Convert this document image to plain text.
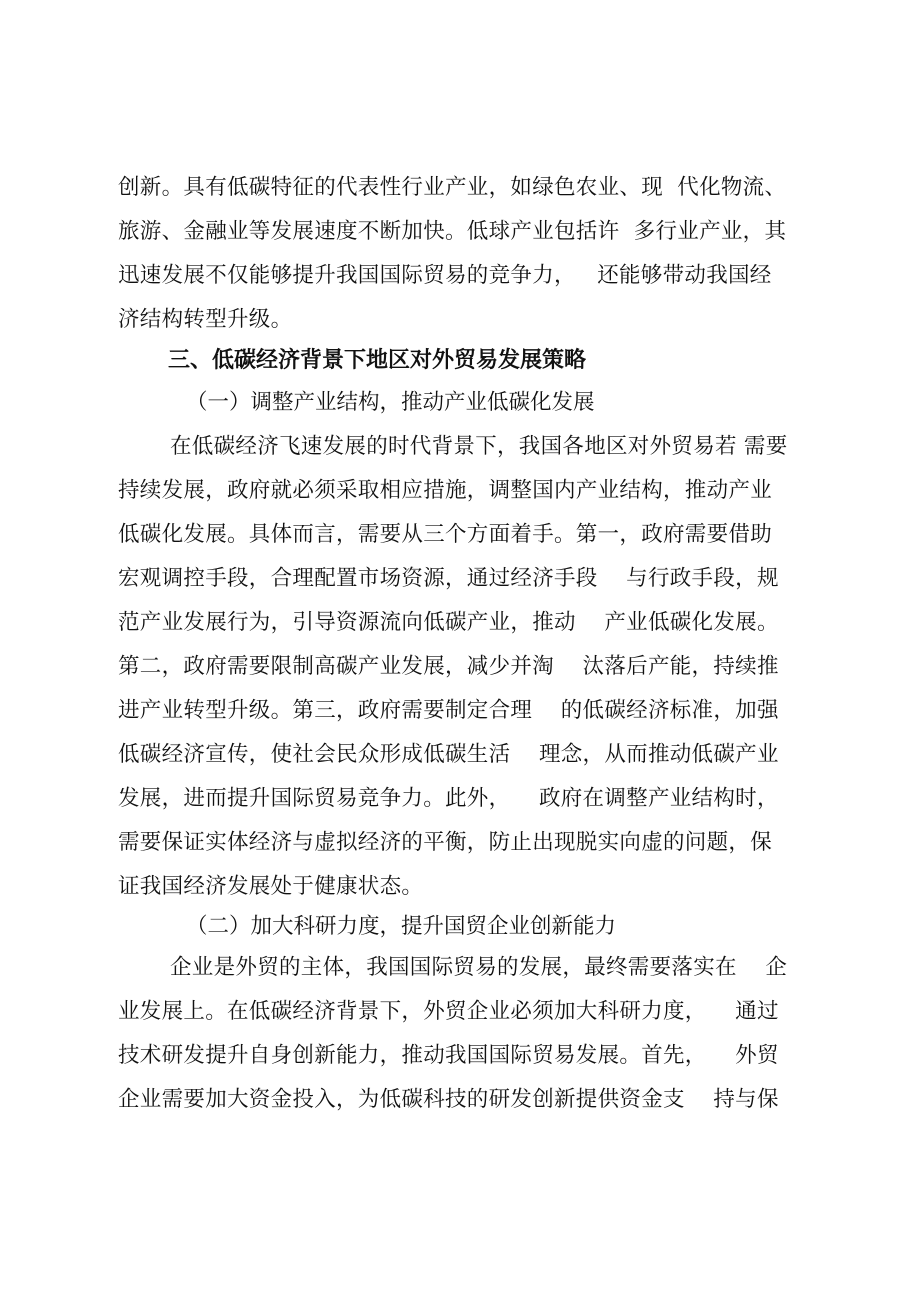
创新。具有低碳特征的代表性行业产业，如绿色农业、现  代化物流、
旅游、金融业等发展速度不断加快。低球产业包括许  多行业产业，其
迅速发展不仅能够提升我国国际贸易的竞争力，   还能够带动我国经
济结构转型升级。
三、低碳经济背景下地区对外贸易发展策略
（一）调整产业结构，推动产业低碳化发展
在低碳经济飞速发展的时代背景下，我国各地区对外贸易若 需要
持续发展，政府就必须采取相应措施，调整国内产业结构，推动产业
低碳化发展。具体而言，需要从三个方面着手。第一，政府需要借助
宏观调控手段，合理配置市场资源，通过经济手段    与行政手段，规
范产业发展行为，引导资源流向低碳产业，推动    产业低碳化发展。
第二，政府需要限制高碳产业发展，减少并淘    汰落后产能，持续推
进产业转型升级。第三，政府需要制定合理    的低碳经济标准，加强
低碳经济宣传，使社会民众形成低碳生活    理念，从而推动低碳产业
发展，进而提升国际贸易竞争力。此外，    政府在调整产业结构时，
需要保证实体经济与虚拟经济的平衡，防止出现脱实向虚的问题，保
证我国经济发展处于健康状态。
（二）加大科研力度，提升国贸企业创新能力
企业是外贸的主体，我国国际贸易的发展，最终需要落实在    企
业发展上。在低碳经济背景下，外贸企业必须加大科研力度，    通过
技术研发提升自身创新能力，推动我国国际贸易发展。首先，    外贸
企业需要加大资金投入，为低碳科技的研发创新提供资金支    持与保
